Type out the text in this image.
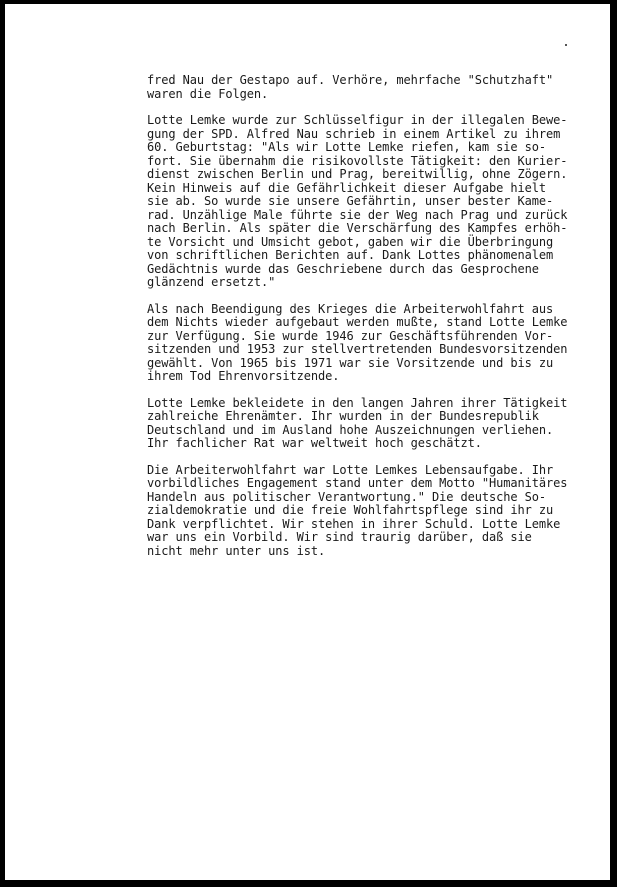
fred Nau der Gestapo auf. Verhöre, mehrfache "Schutzhaft"
waren die Folgen.

Lotte Lemke wurde zur Schlüsselfigur in der illegalen Bewe-
gung der SPD. Alfred Nau schrieb in einem Artikel zu ihrem
60. Geburtstag: "Als wir Lotte Lemke riefen, kam sie so-
fort. Sie übernahm die risikovollste Tätigkeit: den Kurier-
dienst zwischen Berlin und Prag, bereitwillig, ohne Zögern.
Kein Hinweis auf die Gefährlichkeit dieser Aufgabe hielt
sie ab. So wurde sie unsere Gefährtin, unser bester Kame-
rad. Unzählige Male führte sie der Weg nach Prag und zurück
nach Berlin. Als später die Verschärfung des Kampfes erhöh-
te Vorsicht und Umsicht gebot, gaben wir die Überbringung
von schriftlichen Berichten auf. Dank Lottes phänomenalem
Gedächtnis wurde das Geschriebene durch das Gesprochene
glänzend ersetzt."

Als nach Beendigung des Krieges die Arbeiterwohlfahrt aus
dem Nichts wieder aufgebaut werden mußte, stand Lotte Lemke
zur Verfügung. Sie wurde 1946 zur Geschäftsführenden Vor-
sitzenden und 1953 zur stellvertretenden Bundesvorsitzenden
gewählt. Von 1965 bis 1971 war sie Vorsitzende und bis zu
ihrem Tod Ehrenvorsitzende.

Lotte Lemke bekleidete in den langen Jahren ihrer Tätigkeit
zahlreiche Ehrenämter. Ihr wurden in der Bundesrepublik
Deutschland und im Ausland hohe Auszeichnungen verliehen.
Ihr fachlicher Rat war weltweit hoch geschätzt.

Die Arbeiterwohlfahrt war Lotte Lemkes Lebensaufgabe. Ihr
vorbildliches Engagement stand unter dem Motto "Humanitäres
Handeln aus politischer Verantwortung." Die deutsche So-
zialdemokratie und die freie Wohlfahrtspflege sind ihr zu
Dank verpflichtet. Wir stehen in ihrer Schuld. Lotte Lemke
war uns ein Vorbild. Wir sind traurig darüber, daß sie
nicht mehr unter uns ist.
